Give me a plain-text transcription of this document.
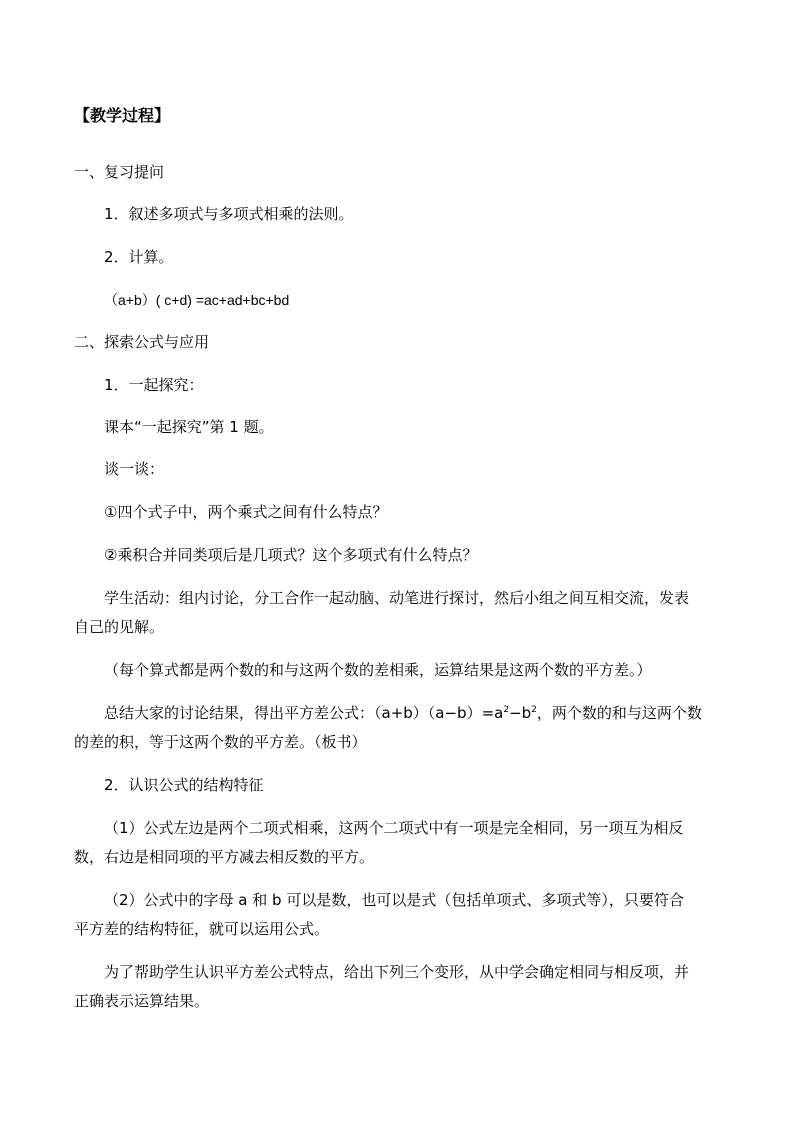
【教学过程】

一、复习提问

1．叙述多项式与多项式相乘的法则。

2．计算。

（a+b）( c+d) =ac+ad+bc+bd

二、探索公式与应用

1．一起探究：

课本“一起探究”第 1 题。

谈一谈：

①四个式子中，两个乘式之间有什么特点？

②乘积合并同类项后是几项式？这个多项式有什么特点？

学生活动：组内讨论，分工合作一起动脑、动笔进行探讨，然后小组之间互相交流，发表

自己的见解。

（每个算式都是两个数的和与这两个数的差相乘，运算结果是这两个数的平方差。）

总结大家的讨论结果，得出平方差公式：$(a+b)(a-b)=a^2-b^2$，两个数的和与这两个数

的差的积，等于这两个数的平方差。（板书）

2．认识公式的结构特征

（1）公式左边是两个二项式相乘，这两个二项式中有一项是完全相同，另一项互为相反

数，右边是相同项的平方减去相反数的平方。

（2）公式中的字母 a 和 b 可以是数，也可以是式（包括单项式、多项式等），只要符合

平方差的结构特征，就可以运用公式。

为了帮助学生认识平方差公式特点，给出下列三个变形，从中学会确定相同与相反项，并

正确表示运算结果。
